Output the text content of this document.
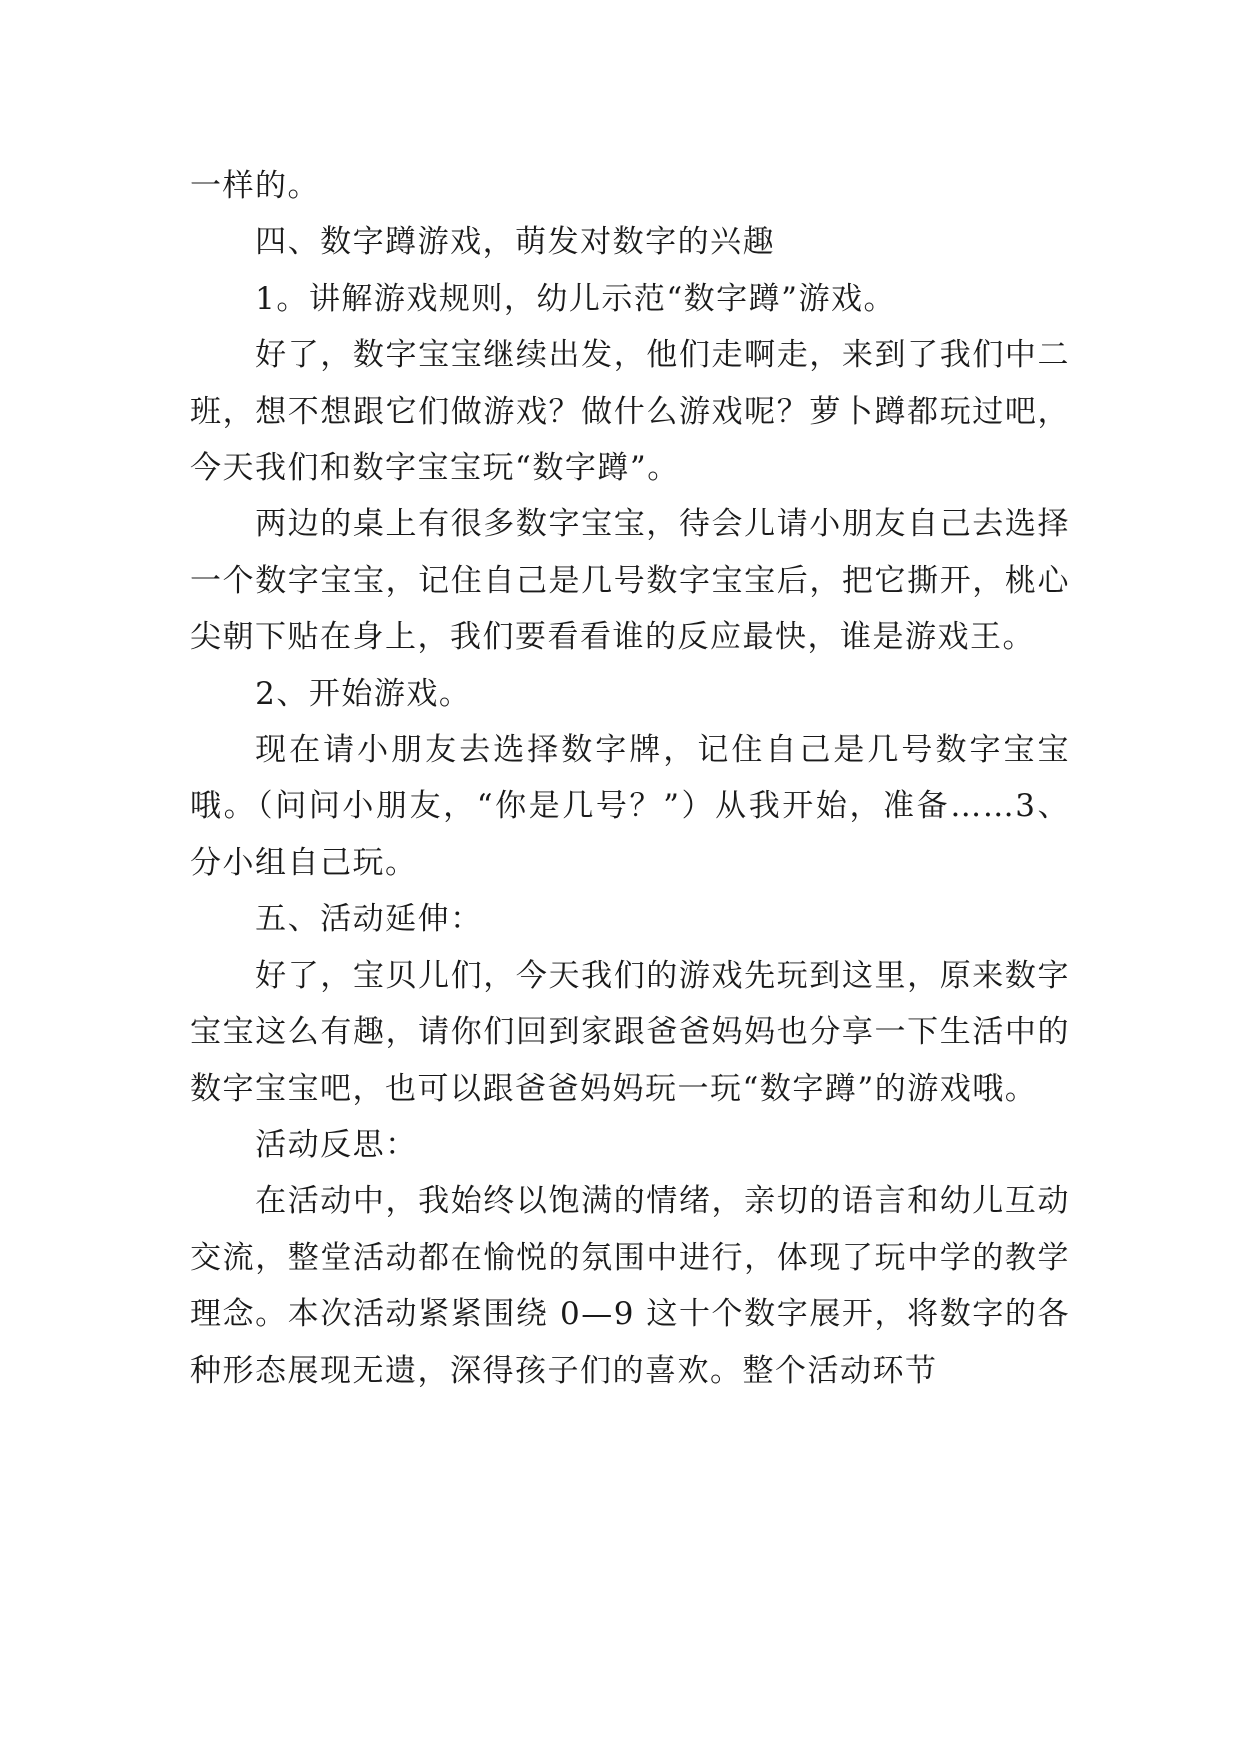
一样的。

四、数字蹲游戏，萌发对数字的兴趣

1。讲解游戏规则，幼儿示范“数字蹲”游戏。

好了，数字宝宝继续出发，他们走啊走，来到了我们中二班，想不想跟它们做游戏？做什么游戏呢？萝卜蹲都玩过吧，今天我们和数字宝宝玩“数字蹲”。

两边的桌上有很多数字宝宝，待会儿请小朋友自己去选择一个数字宝宝，记住自己是几号数字宝宝后，把它撕开，桃心尖朝下贴在身上，我们要看看谁的反应最快，谁是游戏王。

2、开始游戏。

现在请小朋友去选择数字牌，记住自己是几号数字宝宝哦。（问问小朋友，“你是几号？”）从我开始，准备……3、分小组自己玩。

五、活动延伸：

好了，宝贝儿们，今天我们的游戏先玩到这里，原来数字宝宝这么有趣，请你们回到家跟爸爸妈妈也分享一下生活中的数字宝宝吧，也可以跟爸爸妈妈玩一玩“数字蹲”的游戏哦。

活动反思：

在活动中，我始终以饱满的情绪，亲切的语言和幼儿互动交流，整堂活动都在愉悦的氛围中进行，体现了玩中学的教学理念。本次活动紧紧围绕 0—9 这十个数字展开，将数字的各种形态展现无遗，深得孩子们的喜欢。整个活动环节
